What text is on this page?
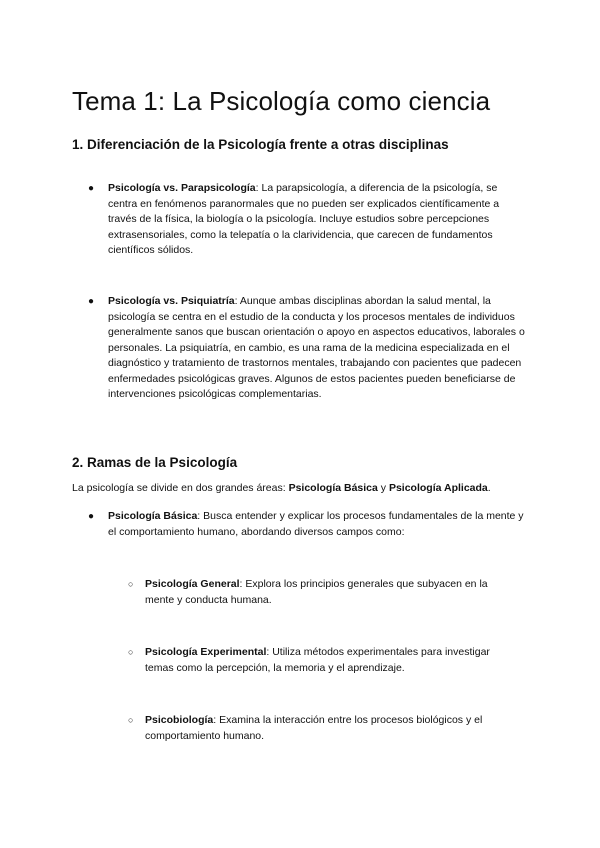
Tema 1: La Psicología como ciencia
1. Diferenciación de la Psicología frente a otras disciplinas
● Psicología vs. Parapsicología: La parapsicología, a diferencia de la psicología, se centra en fenómenos paranormales que no pueden ser explicados científicamente a través de la física, la biología o la psicología. Incluye estudios sobre percepciones extrasensoriales, como la telepatía o la clarividencia, que carecen de fundamentos científicos sólidos.
● Psicología vs. Psiquiatría: Aunque ambas disciplinas abordan la salud mental, la psicología se centra en el estudio de la conducta y los procesos mentales de individuos generalmente sanos que buscan orientación o apoyo en aspectos educativos, laborales o personales. La psiquiatría, en cambio, es una rama de la medicina especializada en el diagnóstico y tratamiento de trastornos mentales, trabajando con pacientes que padecen enfermedades psicológicas graves. Algunos de estos pacientes pueden beneficiarse de intervenciones psicológicas complementarias.
2. Ramas de la Psicología

La psicología se divide en dos grandes áreas: Psicología Básica y Psicología Aplicada.

● Psicología Básica: Busca entender y explicar los procesos fundamentales de la mente y el comportamiento humano, abordando diversos campos como:
○ Psicología General: Explora los principios generales que subyacen en la mente y conducta humana.
○ Psicología Experimental: Utiliza métodos experimentales para investigar temas como la percepción, la memoria y el aprendizaje.
○ Psicobiología: Examina la interacción entre los procesos biológicos y el comportamiento humano.
